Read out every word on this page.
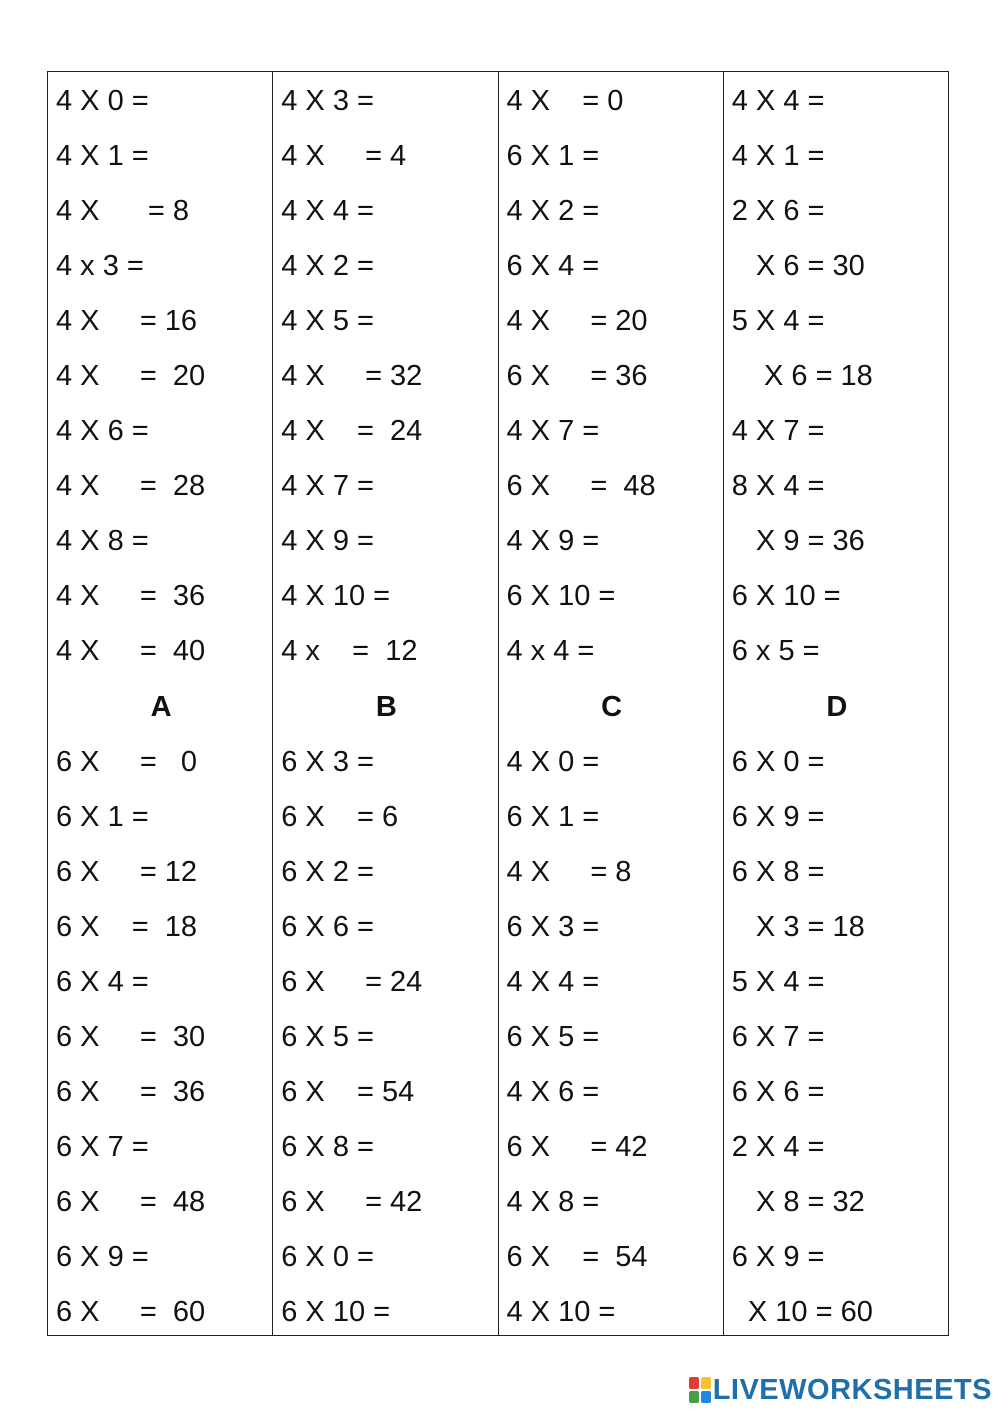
4 X 0 =
4 X 1 =
4 X      = 8
4 x 3 =
4 X     = 16
4 X     =  20
4 X 6 =
4 X     =  28
4 X 8 =
4 X     =  36
4 X     =  40
A
6 X     =   0
6 X 1 =
6 X     = 12
6 X    =  18
6 X 4 =
6 X     =  30
6 X     =  36
6 X 7 =
6 X     =  48
6 X 9 =
6 X     =  60
4 X 3 =
4 X     = 4
4 X 4 =
4 X 2 =
4 X 5 =
4 X     = 32
4 X    =  24
4 X 7 =
4 X 9 =
4 X 10 =
4 x    =  12
B
6 X 3 =
6 X    = 6
6 X 2 =
6 X 6 =
6 X     = 24
6 X 5 =
6 X    = 54
6 X 8 =
6 X     = 42
6 X 0 =
6 X 10 =
4 X    = 0
6 X 1 =
4 X 2 =
6 X 4 =
4 X     = 20
6 X     = 36
4 X 7 =
6 X     =  48
4 X 9 =
6 X 10 =
4 x 4 =
C
4 X 0 =
6 X 1 =
4 X     = 8
6 X 3 =
4 X 4 =
6 X 5 =
4 X 6 =
6 X     = 42
4 X 8 =
6 X    =  54
4 X 10 =
4 X 4 =
4 X 1 =
2 X 6 =
X 6 = 30
5 X 4 =
X 6 = 18
4 X 7 =
8 X 4 =
X 9 = 36
6 X 10 =
6 x 5 =
D
6 X 0 =
6 X 9 =
6 X 8 =
X 3 = 18
5 X 4 =
6 X 7 =
6 X 6 =
2 X 4 =
X 8 = 32
6 X 9 =
X 10 = 60
LIVEWORKSHEETS
